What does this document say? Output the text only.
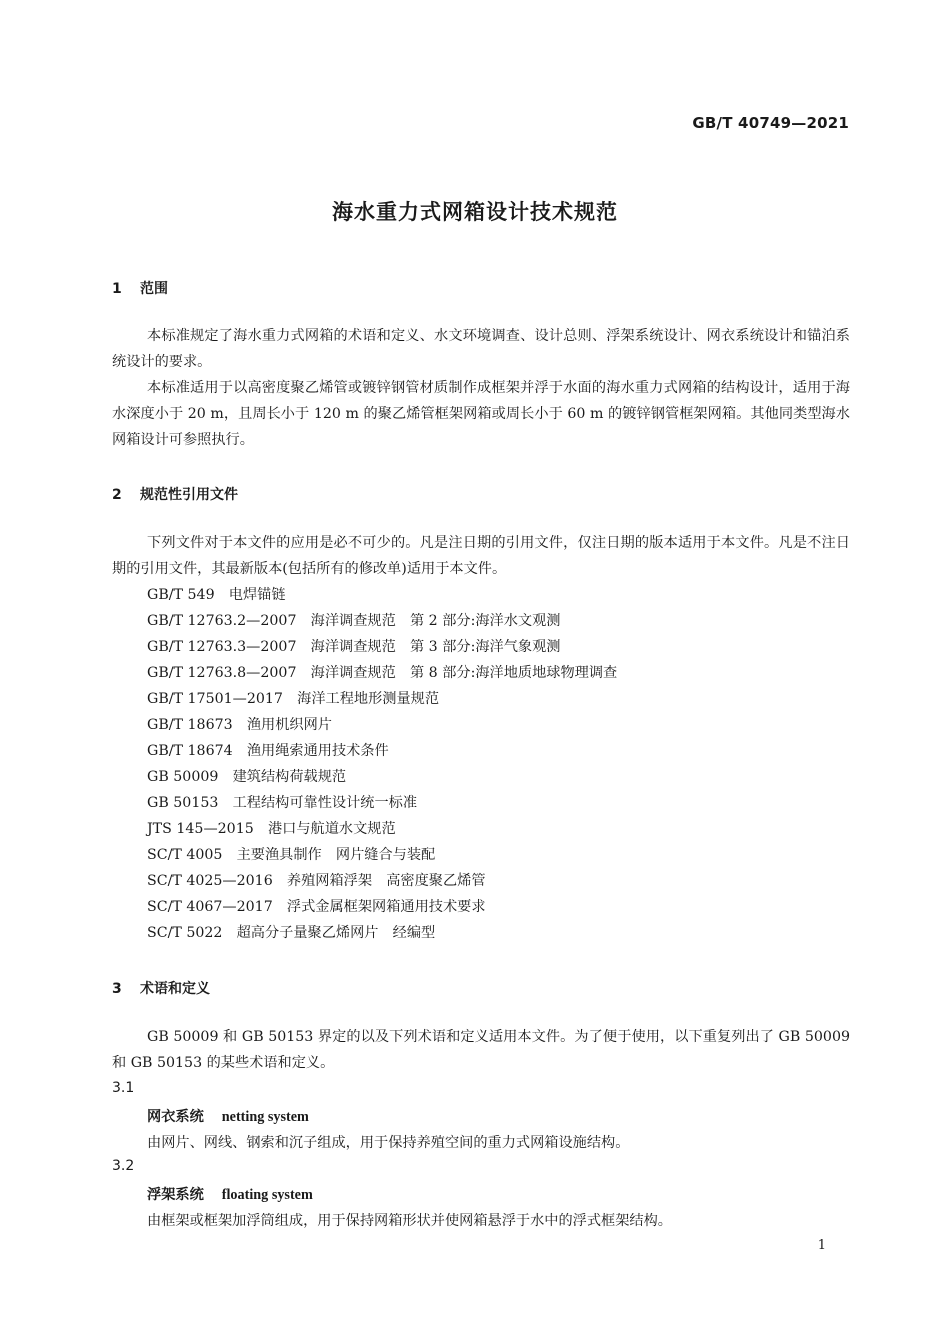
GB/T 40749—2021
海水重力式网箱设计技术规范
1 范围
本标准规定了海水重力式网箱的术语和定义、水文环境调查、设计总则、浮架系统设计、网衣系统设计和锚泊系统设计的要求。
本标准适用于以高密度聚乙烯管或镀锌钢管材质制作成框架并浮于水面的海水重力式网箱的结构设计，适用于海水深度小于 20 m，且周长小于 120 m 的聚乙烯管框架网箱或周长小于 60 m 的镀锌钢管框架网箱。其他同类型海水网箱设计可参照执行。
2 规范性引用文件
下列文件对于本文件的应用是必不可少的。凡是注日期的引用文件，仅注日期的版本适用于本文件。凡是不注日期的引用文件，其最新版本(包括所有的修改单)适用于本文件。
GB/T 549　电焊锚链
GB/T 12763.2—2007　海洋调查规范　第 2 部分:海洋水文观测
GB/T 12763.3—2007　海洋调查规范　第 3 部分:海洋气象观测
GB/T 12763.8—2007　海洋调查规范　第 8 部分:海洋地质地球物理调查
GB/T 17501—2017　海洋工程地形测量规范
GB/T 18673　渔用机织网片
GB/T 18674　渔用绳索通用技术条件
GB 50009　建筑结构荷载规范
GB 50153　工程结构可靠性设计统一标准
JTS 145—2015　港口与航道水文规范
SC/T 4005　主要渔具制作　网片缝合与装配
SC/T 4025—2016　养殖网箱浮架　高密度聚乙烯管
SC/T 4067—2017　浮式金属框架网箱通用技术要求
SC/T 5022　超高分子量聚乙烯网片　经编型
3 术语和定义
GB 50009 和 GB 50153 界定的以及下列术语和定义适用本文件。为了便于使用，以下重复列出了 GB 50009 和 GB 50153 的某些术语和定义。
3.1
网衣系统 netting system
由网片、网线、钢索和沉子组成，用于保持养殖空间的重力式网箱设施结构。
3.2
浮架系统 floating system
由框架或框架加浮筒组成，用于保持网箱形状并使网箱悬浮于水中的浮式框架结构。
1
